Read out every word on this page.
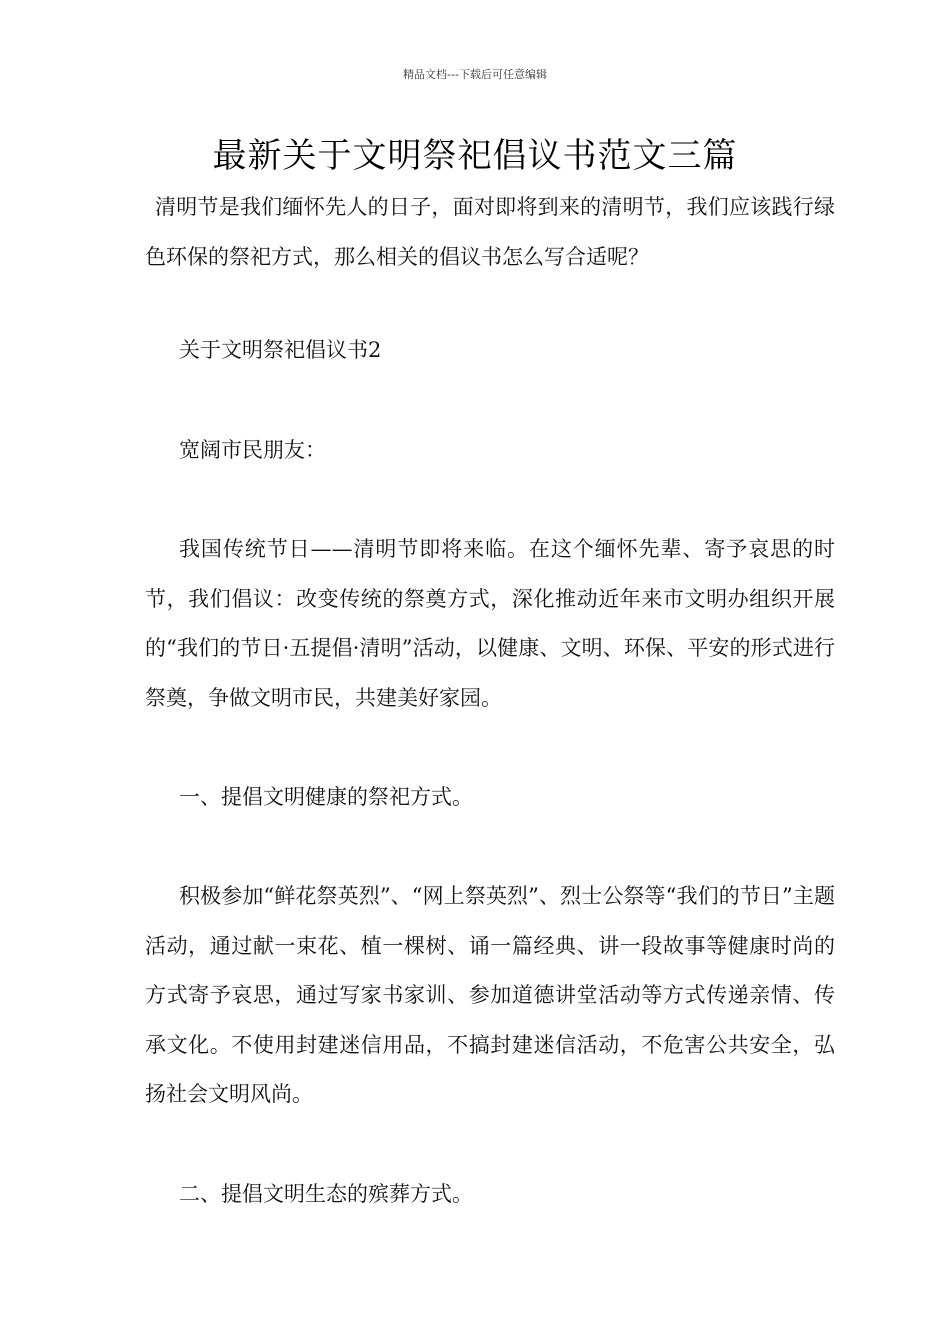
精品文档---下载后可任意编辑
最新关于文明祭祀倡议书范文三篇

清明节是我们缅怀先人的日子，面对即将到来的清明节，我们应该践行绿色环保的祭祀方式，那么相关的倡议书怎么写合适呢？

关于文明祭祀倡议书2

宽阔市民朋友：

我国传统节日——清明节即将来临。在这个缅怀先辈、寄予哀思的时节，我们倡议：改变传统的祭奠方式，深化推动近年来市文明办组织开展的“我们的节日·五提倡·清明”活动，以健康、文明、环保、平安的形式进行祭奠，争做文明市民，共建美好家园。

一、提倡文明健康的祭祀方式。

积极参加“鲜花祭英烈”、“网上祭英烈”、烈士公祭等“我们的节日”主题活动，通过献一束花、植一棵树、诵一篇经典、讲一段故事等健康时尚的方式寄予哀思，通过写家书家训、参加道德讲堂活动等方式传递亲情、传承文化。不使用封建迷信用品，不搞封建迷信活动，不危害公共安全，弘扬社会文明风尚。

二、提倡文明生态的殡葬方式。
